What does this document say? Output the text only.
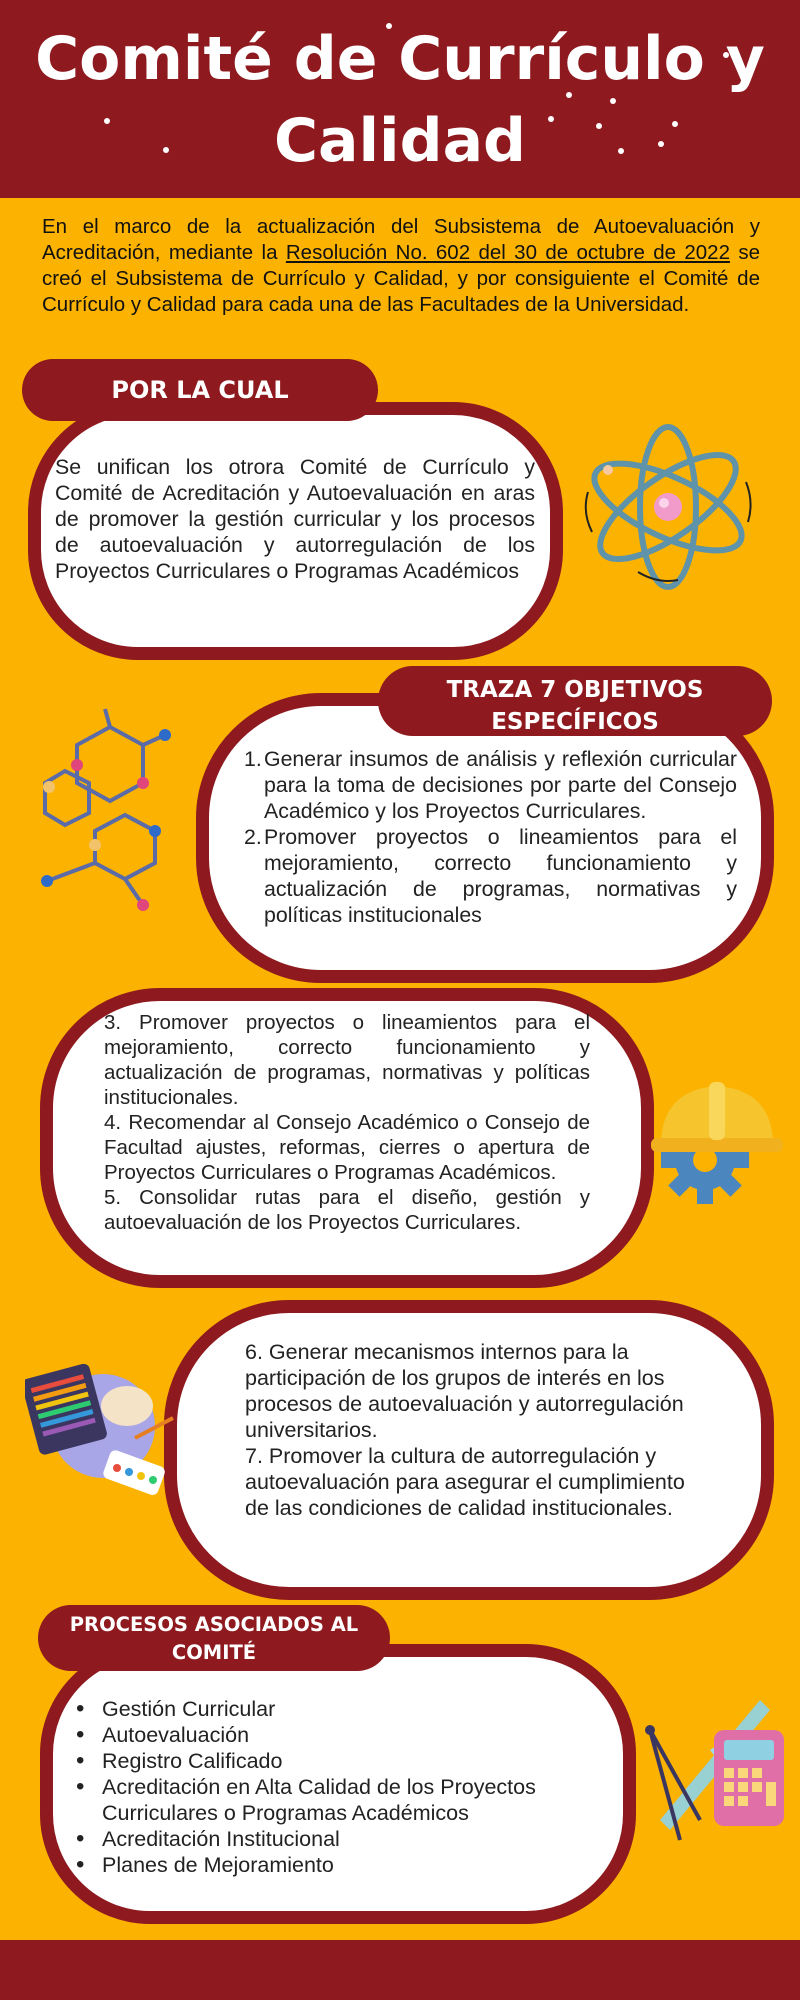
Comité de Currículo y
Calidad

En el marco de la actualización del Subsistema de Autoevaluación y Acreditación, mediante la Resolución No. 602 del 30 de octubre de 2022 se creó el Subsistema de Currículo y Calidad, y por consiguiente el Comité de Currículo y Calidad para cada una de las Facultades de la Universidad.

POR LA CUAL
Se unifican los otrora Comité de Currículo y Comité de Acreditación y Autoevaluación en aras de promover la gestión curricular y los procesos de autoevaluación y autorregulación de los Proyectos Curriculares o Programas Académicos
TRAZA 7 OBJETIVOS
ESPECÍFICOS
1. Generar insumos de análisis y reflexión curricular para la toma de decisiones por parte del Consejo Académico y los Proyectos Curriculares.
2. Promover proyectos o lineamientos para el mejoramiento, correcto funcionamiento y actualización de programas, normativas y políticas institucionales
3. Promover proyectos o lineamientos para el mejoramiento, correcto funcionamiento y actualización de programas, normativas y políticas institucionales.
4. Recomendar al Consejo Académico o Consejo de Facultad ajustes, reformas, cierres o apertura de Proyectos Curriculares o Programas Académicos.
5. Consolidar rutas para el diseño, gestión y autoevaluación de los Proyectos Curriculares.
6. Generar mecanismos internos para la participación de los grupos de interés en los procesos de autoevaluación y autorregulación universitarios.
7. Promover la cultura de autorregulación y autoevaluación para asegurar el cumplimiento de las condiciones de calidad institucionales.
PROCESOS ASOCIADOS AL
COMITÉ
• Gestión Curricular
• Autoevaluación
• Registro Calificado
• Acreditación en Alta Calidad de los Proyectos Curriculares o Programas Académicos
• Acreditación Institucional
• Planes de Mejoramiento
